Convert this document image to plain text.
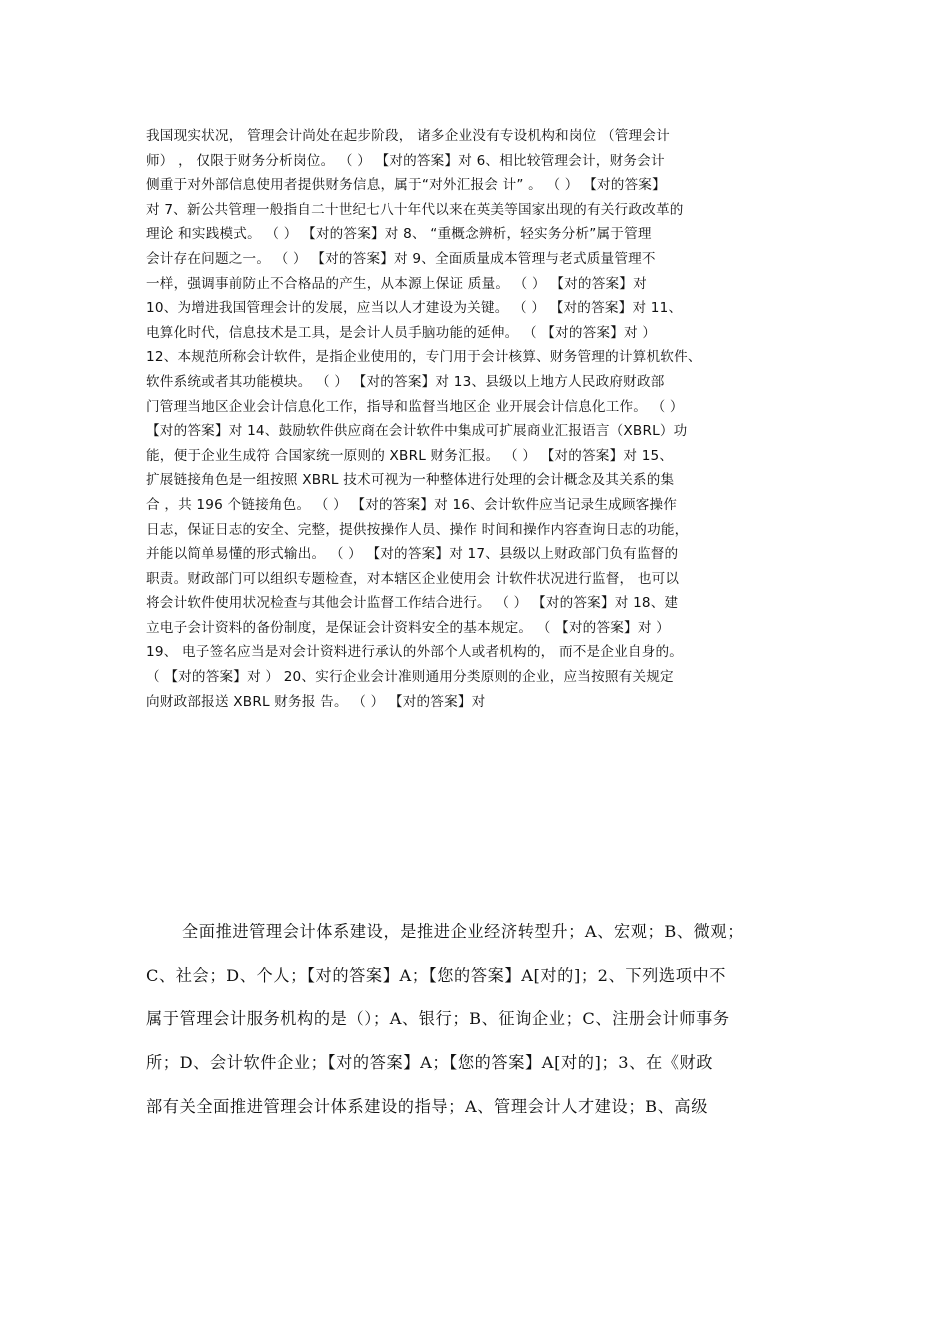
我国现实状况， 管理会计尚处在起步阶段， 诸多企业没有专设机构和岗位 （管理会计
师） ， 仅限于财务分析岗位。 （ ） 【对的答案】对 6、相比较管理会计，财务会计
侧重于对外部信息使用者提供财务信息，属于“对外汇报会 计” 。 （ ） 【对的答案】
对 7、新公共管理一般指自二十世纪七八十年代以来在英美等国家出现的有关行政改革的
理论 和实践模式。 （ ） 【对的答案】对 8、 “重概念辨析，轻实务分析”属于管理
会计存在问题之一。 （ ） 【对的答案】对 9、全面质量成本管理与老式质量管理不
一样，强调事前防止不合格品的产生，从本源上保证 质量。 （ ） 【对的答案】对
10、为增进我国管理会计的发展，应当以人才建设为关键。 （ ） 【对的答案】对 11、
电算化时代，信息技术是工具，是会计人员手脑功能的延伸。 （ 【对的答案】对 ）
12、本规范所称会计软件，是指企业使用的，专门用于会计核算、财务管理的计算机软件、
软件系统或者其功能模块。 （ ） 【对的答案】对 13、县级以上地方人民政府财政部
门管理当地区企业会计信息化工作，指导和监督当地区企 业开展会计信息化工作。 （ ）
【对的答案】对 14、鼓励软件供应商在会计软件中集成可扩展商业汇报语言（XBRL）功
能，便于企业生成符 合国家统一原则的 XBRL 财务汇报。 （ ） 【对的答案】对 15、
扩展链接角色是一组按照 XBRL 技术可视为一种整体进行处理的会计概念及其关系的集
合 ，共 196 个链接角色。 （ ） 【对的答案】对 16、会计软件应当记录生成顾客操作
日志，保证日志的安全、完整，提供按操作人员、操作 时间和操作内容查询日志的功能，
并能以简单易懂的形式输出。 （ ） 【对的答案】对 17、县级以上财政部门负有监督的
职责。财政部门可以组织专题检查，对本辖区企业使用会 计软件状况进行监督， 也可以
将会计软件使用状况检查与其他会计监督工作结合进行。 （ ） 【对的答案】对 18、建
立电子会计资料的备份制度，是保证会计资料安全的基本规定。 （ 【对的答案】对 ）
19、 电子签名应当是对会计资料进行承认的外部个人或者机构的， 而不是企业自身的。
（ 【对的答案】对 ） 20、实行企业会计准则通用分类原则的企业，应当按照有关规定
向财政部报送 XBRL 财务报 告。 （ ） 【对的答案】对
全面推进管理会计体系建设，是推进企业经济转型升；A、宏观；B、微观；
C、社会；D、个人；【对的答案】A；【您的答案】A[对的]；2、下列选项中不
属于管理会计服务机构的是（）；A、银行；B、征询企业；C、注册会计师事务
所；D、会计软件企业；【对的答案】A；【您的答案】A[对的]；3、在《财政
部有关全面推进管理会计体系建设的指导；A、管理会计人才建设；B、高级
